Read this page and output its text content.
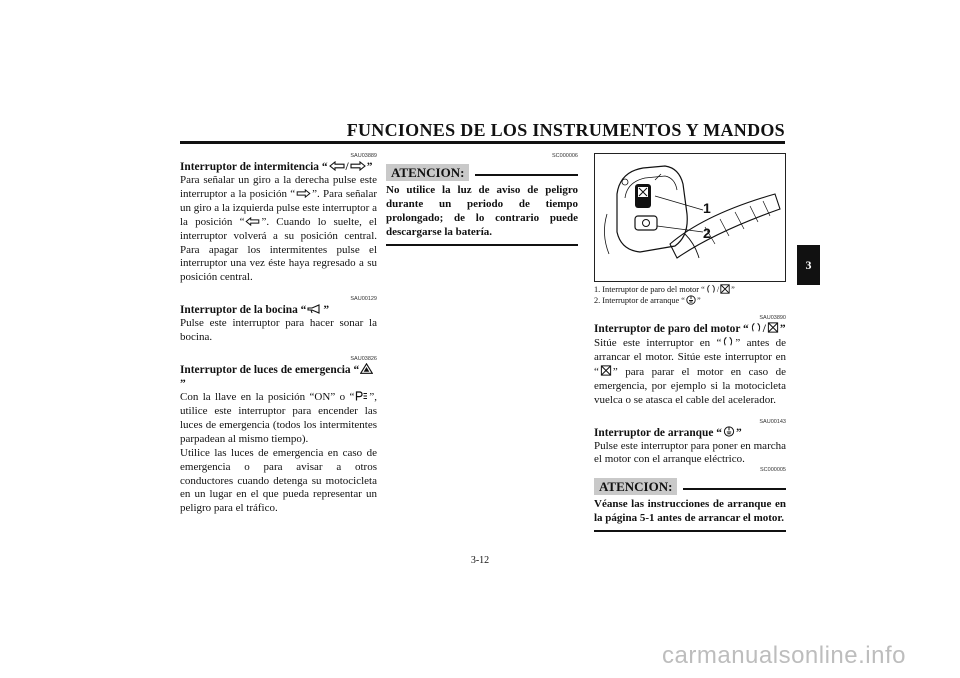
FUNCIONES DE LOS INSTRUMENTOS Y MANDOS
3
SAU03889
Interruptor de intermitencia “ / ”
Para señalar un giro a la derecha pulse este interruptor a la posición “ ”. Para señalar un giro a la izquierda pulse este interruptor a la posición “ ”. Cuando lo suelte, el interruptor volverá a su posición central. Para apagar los intermitentes pulse el interruptor una vez éste haya regresado a su posición central.
SAU00129
Interruptor de la bocina “ ”
Pulse este interruptor para hacer sonar la bocina.
SAU03826
Interruptor de luces de emergencia “
”
Con la llave en la posición “ON” o “ ”, utilice este interruptor para encender las luces de emergencia (todos los intermitentes parpadean al mismo tiempo).
Utilice las luces de emergencia en caso de emergencia o para avisar a otros conductores cuando detenga su motocicleta en un lugar en el que pueda representar un peligro para el tráfico.
SC000006
ATENCION:
No utilice la luz de aviso de peligro durante un periodo de tiempo prolongado; de lo contrario puede descargarse la batería.
1
2
1. Interruptor de paro del motor “ / ”
2. Interruptor de arranque “ ”
SAU03890
Interruptor de paro del motor “ / ”
Sitúe este interruptor en “ ” antes de arrancar el motor. Sitúe este interruptor en “ ” para parar el motor en caso de emergencia, por ejemplo si la motocicleta vuelca o se atasca el cable del acelerador.
SAU00143
Interruptor de arranque “ ”
Pulse este interruptor para poner en marcha el motor con el arranque eléctrico.
SC000005
ATENCION:
Véanse las instrucciones de arranque en la página 5-1 antes de arrancar el motor.
3-12
carmanualsonline.info
